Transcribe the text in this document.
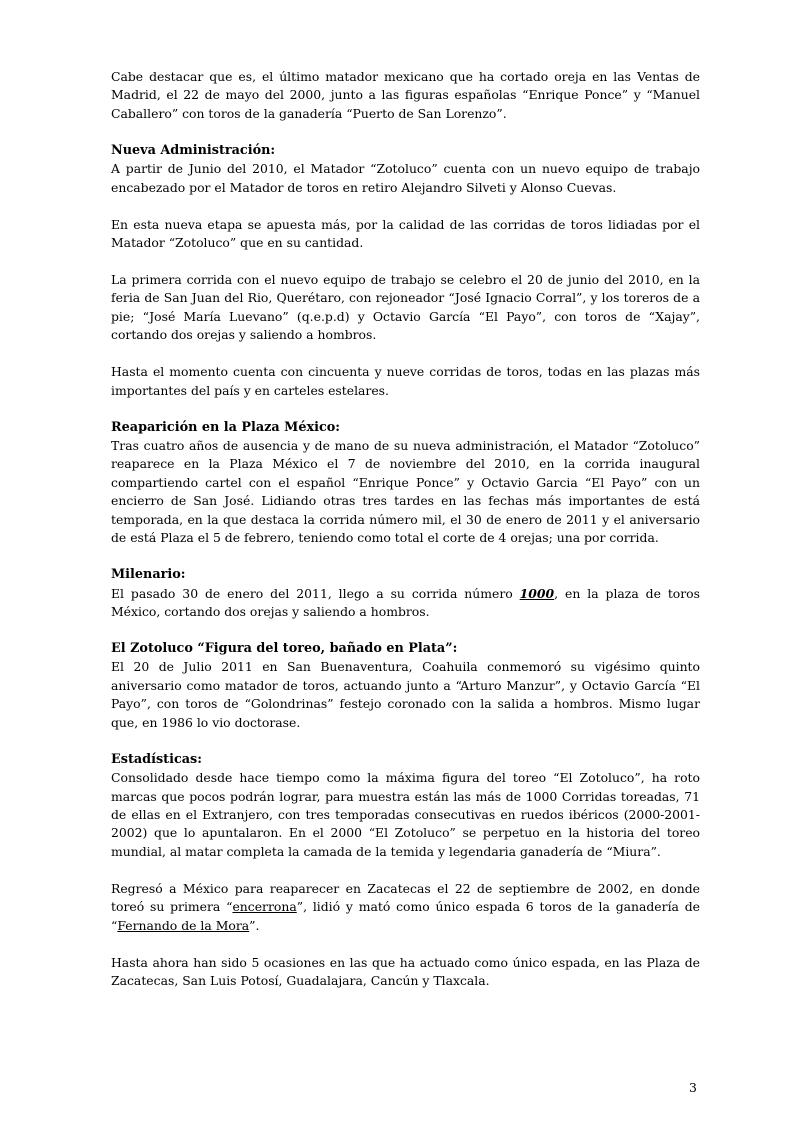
Cabe destacar que es, el último matador mexicano que ha cortado oreja en las Ventas de Madrid, el 22 de mayo del 2000, junto a las figuras españolas “Enrique Ponce” y “Manuel Caballero” con toros de la ganadería “Puerto de San Lorenzo”.

Nueva Administración:

A partir de Junio del 2010, el Matador “Zotoluco” cuenta con un nuevo equipo de trabajo encabezado por el Matador de toros en retiro Alejandro Silveti y Alonso Cuevas.

En esta nueva etapa se apuesta más, por la calidad de las corridas de toros lidiadas por el Matador “Zotoluco” que en su cantidad.

La primera corrida con el nuevo equipo de trabajo se celebro el 20 de junio del 2010, en la feria de San Juan del Rio, Querétaro, con rejoneador “José Ignacio Corral”, y los toreros de a pie; “José María Luevano” (q.e.p.d) y Octavio García “El Payo”, con toros de “Xajay”, cortando dos orejas y saliendo a hombros.

Hasta el momento cuenta con cincuenta y nueve corridas de toros, todas en las plazas más importantes del país y en carteles estelares.

Reaparición en la Plaza México:

Tras cuatro años de ausencia y de mano de su nueva administración, el Matador “Zotoluco” reaparece en la Plaza México el 7 de noviembre del 2010, en la corrida inaugural compartiendo cartel con el español “Enrique Ponce” y Octavio Garcia “El Payo” con un encierro de San José. Lidiando otras tres tardes en las fechas más importantes de está temporada, en la que destaca la corrida número mil, el 30 de enero de 2011 y el aniversario de está Plaza el 5 de febrero, teniendo como total el corte de 4 orejas; una por corrida.

Milenario:

El pasado 30 de enero del 2011, llego a su corrida número 1000, en la plaza de toros México, cortando dos orejas y saliendo a hombros.

El Zotoluco “Figura del toreo, bañado en Plata”:

El 20 de Julio 2011 en San Buenaventura, Coahuila conmemoró su vigésimo quinto aniversario como matador de toros, actuando junto a “Arturo Manzur”, y Octavio García “El Payo”, con toros de “Golondrinas” festejo coronado con la salida a hombros. Mismo lugar que, en 1986 lo vio doctorase.

Estadísticas:

Consolidado desde hace tiempo como la máxima figura del toreo “El Zotoluco”, ha roto marcas que pocos podrán lograr, para muestra están las más de 1000 Corridas toreadas, 71 de ellas en el Extranjero, con tres temporadas consecutivas en ruedos ibéricos (2000-2001-2002) que lo apuntalaron. En el 2000 “El Zotoluco” se perpetuo en la historia del toreo mundial, al matar completa la camada de la temida y legendaria ganadería de “Miura”.

Regresó a México para reaparecer en Zacatecas el 22 de septiembre de 2002, en donde toreó su primera “encerrona”, lidió y mató como único espada 6 toros de la ganadería de “Fernando de la Mora”.

Hasta ahora han sido 5 ocasiones en las que ha actuado como único espada, en las Plaza de Zacatecas, San Luis Potosí, Guadalajara, Cancún y Tlaxcala.

3
